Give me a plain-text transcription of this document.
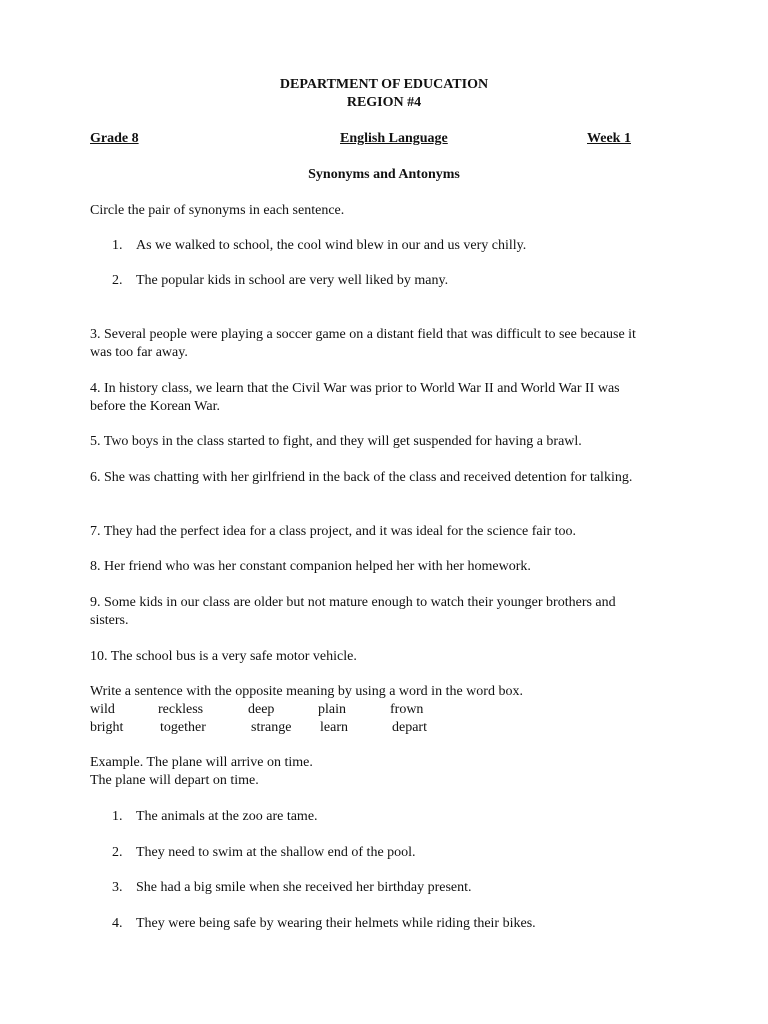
DEPARTMENT OF EDUCATION
REGION #4
Grade 8	English Language	Week 1
Synonyms and Antonyms
Circle the pair of synonyms in each sentence.
1. As we walked to school, the cool wind blew in our and us very chilly.
2. The popular kids in school are very well liked by many.
3. Several people were playing a soccer game on a distant field that was difficult to see because it was too far away.
4. In history class, we learn that the Civil War was prior to World War II and World War II was before the Korean War.
5. Two boys in the class started to fight, and they will get suspended for having a brawl.
6. She was chatting with her girlfriend in the back of the class and received detention for talking.
7. They had the perfect idea for a class project, and it was ideal for the science fair too.
8. Her friend who was her constant companion helped her with her homework.
9. Some kids in our class are older but not mature enough to watch their younger brothers and sisters.
10. The school bus is a very safe motor vehicle.
Write a sentence with the opposite meaning by using a word in the word box.
wild	reckless	deep	plain	frown
bright	together	strange learn	depart
Example. The plane will arrive on time.
The plane will depart on time.
1. The animals at the zoo are tame.
2. They need to swim at the shallow end of the pool.
3. She had a big smile when she received her birthday present.
4. They were being safe by wearing their helmets while riding their bikes.
